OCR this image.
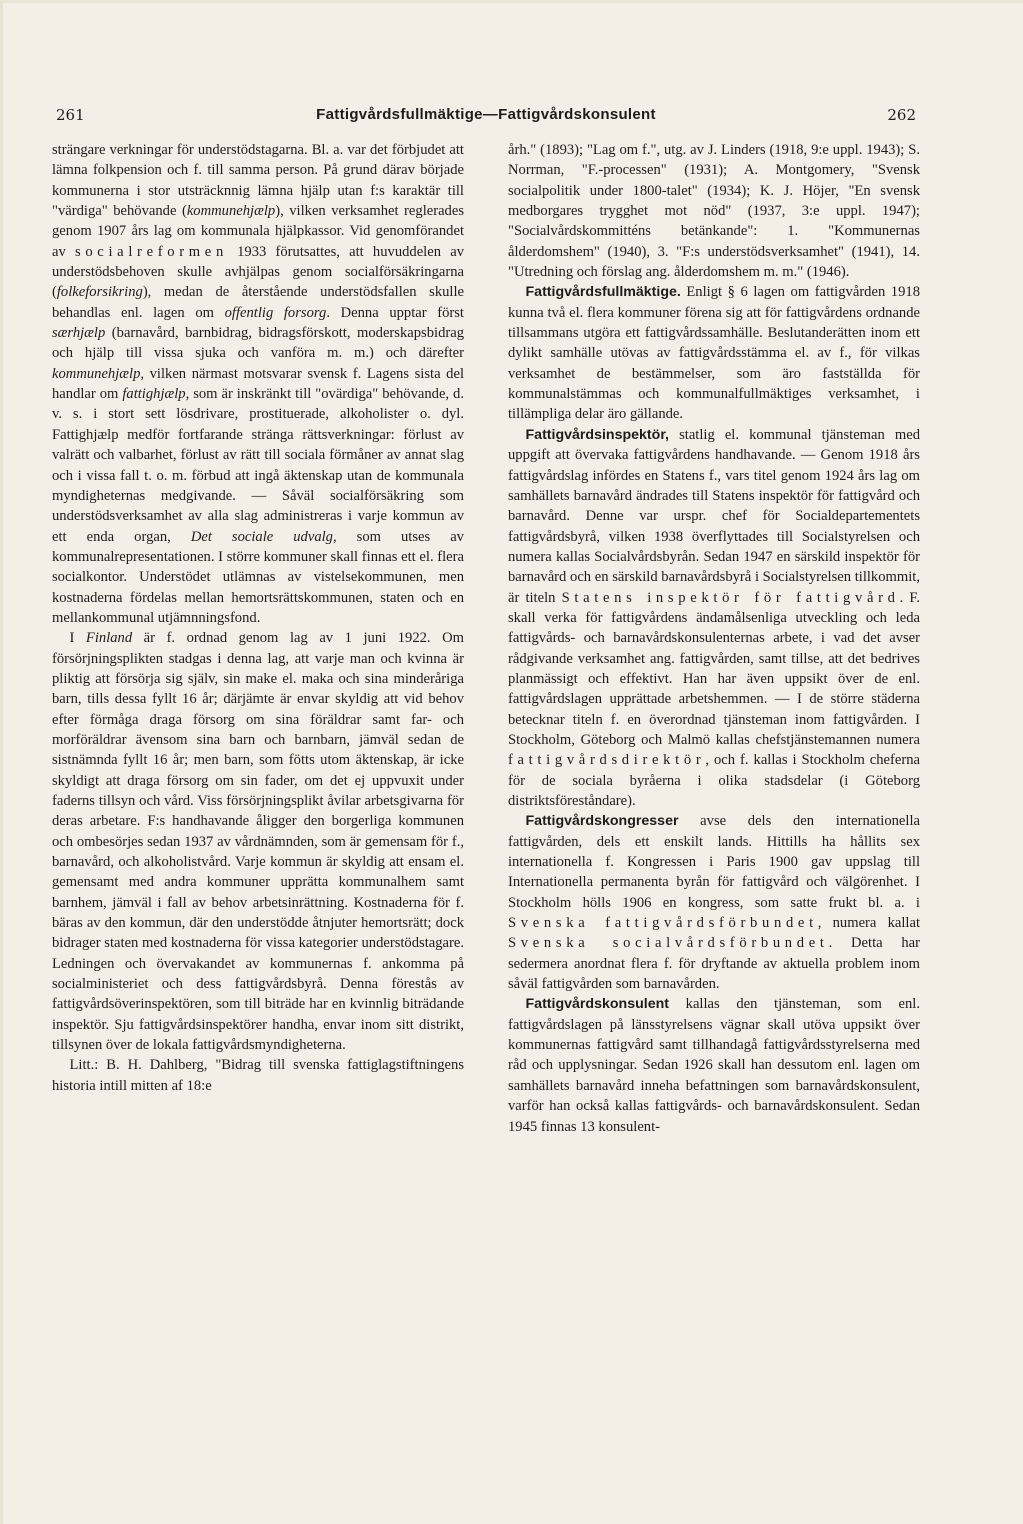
261	Fattigvårdsfullmäktige—Fattigvårdskonsulent	262

strängare verkningar för understödstagarna. Bl. a. var det förbjudet att lämna folkpension och f. till samma person. På grund därav började kommunerna i stor utsträcknnig lämna hjälp utan f:s karaktär till "värdiga" behövande (kommunehjælp), vilken verksamhet reglerades genom 1907 års lag om kommunala hjälpkassor. Vid genomförandet av socialreformen 1933 förutsattes, att huvuddelen av understödsbehoven skulle avhjälpas genom socialförsäkringarna (folkeforsikring), medan de återstående understödsfallen skulle behandlas enl. lagen om offentlig forsorg. Denna upptar först særhjælp (barnavård, barnbidrag, bidragsförskott, moderskapsbidrag och hjälp till vissa sjuka och vanföra m. m.) och därefter kommunehjælp, vilken närmast motsvarar svensk f. Lagens sista del handlar om fattighjælp, som är inskränkt till "ovärdiga" behövande, d. v. s. i stort sett lösdrivare, prostituerade, alkoholister o. dyl. Fattighjælp medför fortfarande stränga rättsverkningar: förlust av valrätt och valbarhet, förlust av rätt till sociala förmåner av annat slag och i vissa fall t. o. m. förbud att ingå äktenskap utan de kommunala myndigheternas medgivande. — Såväl socialförsäkring som understödsverksamhet av alla slag administreras i varje kommun av ett enda organ, Det sociale udvalg, som utses av kommunalrepresentationen. I större kommuner skall finnas ett el. flera socialkontor. Understödet utlämnas av vistelsekommunen, men kostnaderna fördelas mellan hemortsrättskommunen, staten och en mellankommunal utjämnningsfond.

I Finland är f. ordnad genom lag av 1 juni 1922. Om försörjningsplikten stadgas i denna lag, att varje man och kvinna är pliktig att försörja sig själv, sin make el. maka och sina minderåriga barn, tills dessa fyllt 16 år; därjämte är envar skyldig att vid behov efter förmåga draga försorg om sina föräldrar samt far- och morföräldrar ävensom sina barn och barnbarn, jämväl sedan de sistnämnda fyllt 16 år; men barn, som fötts utom äktenskap, är icke skyldigt att draga försorg om sin fader, om det ej uppvuxit under faderns tillsyn och vård. Viss försörjningsplikt åvilar arbetsgivarna för deras arbetare. F:s handhavande åligger den borgerliga kommunen och ombesörjes sedan 1937 av vårdnämnden, som är gemensam för f., barnavård, och alkoholistvård. Varje kommun är skyldig att ensam el. gemensamt med andra kommuner upprätta kommunalhem samt barnhem, jämväl i fall av behov arbetsinrättning. Kostnaderna för f. bäras av den kommun, där den understödde åtnjuter hemortsrätt; dock bidrager staten med kostnaderna för vissa kategorier understödstagare. Ledningen och övervakandet av kommunernas f. ankomma på socialministeriet och dess fattigvårdsbyrå. Denna förestås av fattigvårdsöverinspektören, som till biträde har en kvinnlig biträdande inspektör. Sju fattigvårdsinspektörer handha, envar inom sitt distrikt, tillsynen över de lokala fattigvårdsmyndigheterna.

Litt.: B. H. Dahlberg, "Bidrag till svenska fattiglagstiftningens historia intill mitten af 18:e

årh." (1893); "Lag om f.", utg. av J. Linders (1918, 9:e uppl. 1943); S. Norrman, "F.-processen" (1931); A. Montgomery, "Svensk socialpolitik under 1800-talet" (1934); K. J. Höjer, "En svensk medborgares trygghet mot nöd" (1937, 3:e uppl. 1947); "Socialvårdskommitténs betänkande": 1. "Kommunernas ålderdomshem" (1940), 3. "F:s understödsverksamhet" (1941), 14. "Utredning och förslag ang. ålderdomshem m. m." (1946).

Fattigvårdsfullmäktige. Enligt § 6 lagen om fattigvården 1918 kunna två el. flera kommuner förena sig att för fattigvårdens ordnande tillsammans utgöra ett fattigvårdssamhälle. Beslutanderätten inom ett dylikt samhälle utövas av fattigvårdsstämma el. av f., för vilkas verksamhet de bestämmelser, som äro fastställda för kommunalstämmas och kommunalfullmäktiges verksamhet, i tillämpliga delar äro gällande.

Fattigvårdsinspektör, statlig el. kommunal tjänsteman med uppgift att övervaka fattigvårdens handhavande. — Genom 1918 års fattigvårdslag infördes en Statens f., vars titel genom 1924 års lag om samhällets barnavård ändrades till Statens inspektör för fattigvård och barnavård. Denne var urspr. chef för Socialdepartementets fattigvårdsbyrå, vilken 1938 överflyttades till Socialstyrelsen och numera kallas Socialvårdsbyrån. Sedan 1947 en särskild inspektör för barnavård och en särskild barnavårdsbyrå i Socialstyrelsen tillkommit, är titeln Statens inspektör för fattigvård. F. skall verka för fattigvårdens ändamålsenliga utveckling och leda fattigvårds- och barnavårdskonsulenternas arbete, i vad det avser rådgivande verksamhet ang. fattigvården, samt tillse, att det bedrives planmässigt och effektivt. Han har även uppsikt över de enl. fattigvårdslagen upprättade arbetshemmen. — I de större städerna betecknar titeln f. en överordnad tjänsteman inom fattigvården. I Stockholm, Göteborg och Malmö kallas chefstjänstemannen numera fattigvårdsdirektör, och f. kallas i Stockholm cheferna för de sociala byråerna i olika stadsdelar (i Göteborg distriktsföreståndare).

Fattigvårdskongresser avse dels den internationella fattigvården, dels ett enskilt lands. Hittills ha hållits sex internationella f. Kongressen i Paris 1900 gav uppslag till Internationella permanenta byrån för fattigvård och välgörenhet. I Stockholm hölls 1906 en kongress, som satte frukt bl. a. i Svenska fattigvårdsförbundet, numera kallat Svenska socialvårdsförbundet. Detta har sedermera anordnat flera f. för dryftande av aktuella problem inom såväl fattigvården som barnavården.

Fattigvårdskonsulent kallas den tjänsteman, som enl. fattigvårdslagen på länsstyrelsens vägnar skall utöva uppsikt över kommunernas fattigvård samt tillhandagå fattigvårdsstyrelserna med råd och upplysningar. Sedan 1926 skall han dessutom enl. lagen om samhällets barnavård inneha befattningen som barnavårdskonsulent, varför han också kallas fattigvårds- och barnavårdskonsulent. Sedan 1945 finnas 13 konsulent-
